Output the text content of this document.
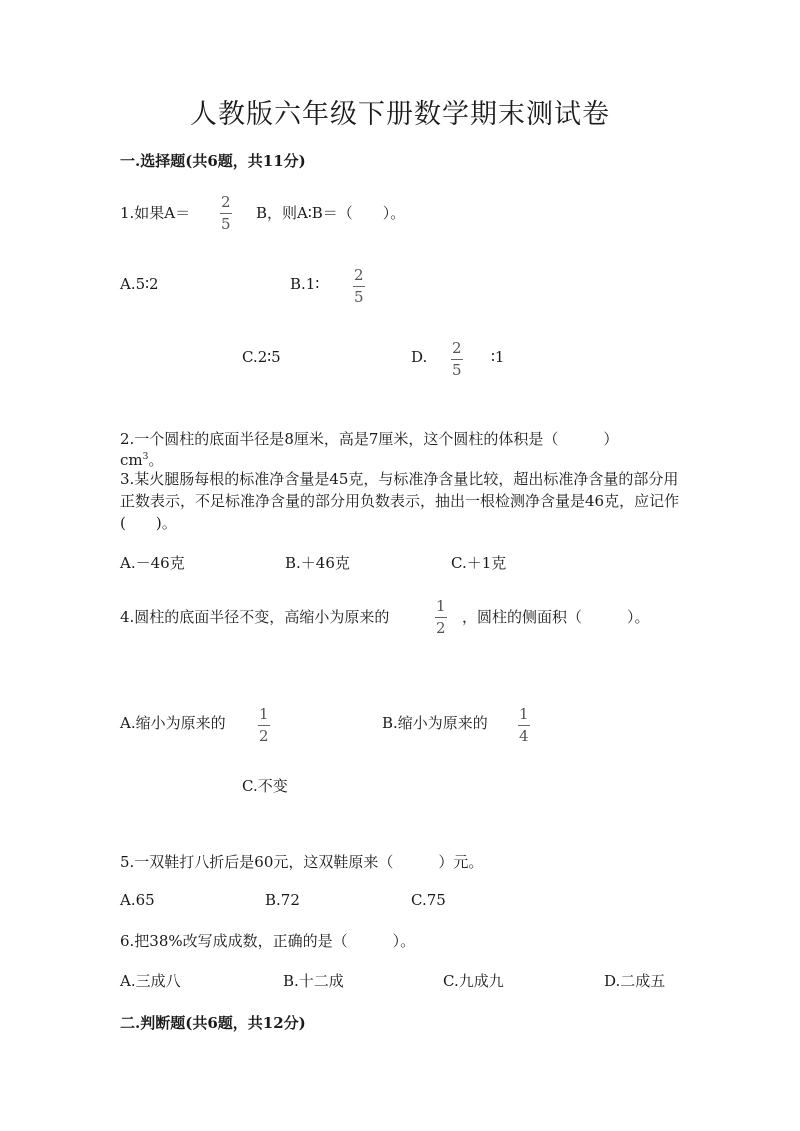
人教版六年级下册数学期末测试卷
一.选择题(共6题，共11分)
1.如果A＝
2
5
B，则A∶B＝（　　）。
A.5∶2	B.1∶ 2
5
C.2∶5	D. 2
5
∶1
2.一个圆柱的底面半径是8厘米，高是7厘米，这个圆柱的体积是（　　　）
$cm^3$。
3.某火腿肠每根的标准净含量是45克，与标准净含量比较，超出标准净含量的部分用正数表示，不足标准净含量的部分用负数表示，抽出一根检测净含量是46克，应记作(　　)。
A.－46克	B.＋46克	C.＋1克
4.圆柱的底面半径不变，高缩小为原来的
1
2
，圆柱的侧面积（　　　）。
A.缩小为原来的 1
2
B.缩小为原来的 1
4
C.不变
5.一双鞋打八折后是60元，这双鞋原来（　　　）元。
A.65	B.72	C.75
6.把38%改写成成数，正确的是（　　　）。
A.三成八	B.十二成	C.九成九	D.二成五
二.判断题(共6题，共12分)
